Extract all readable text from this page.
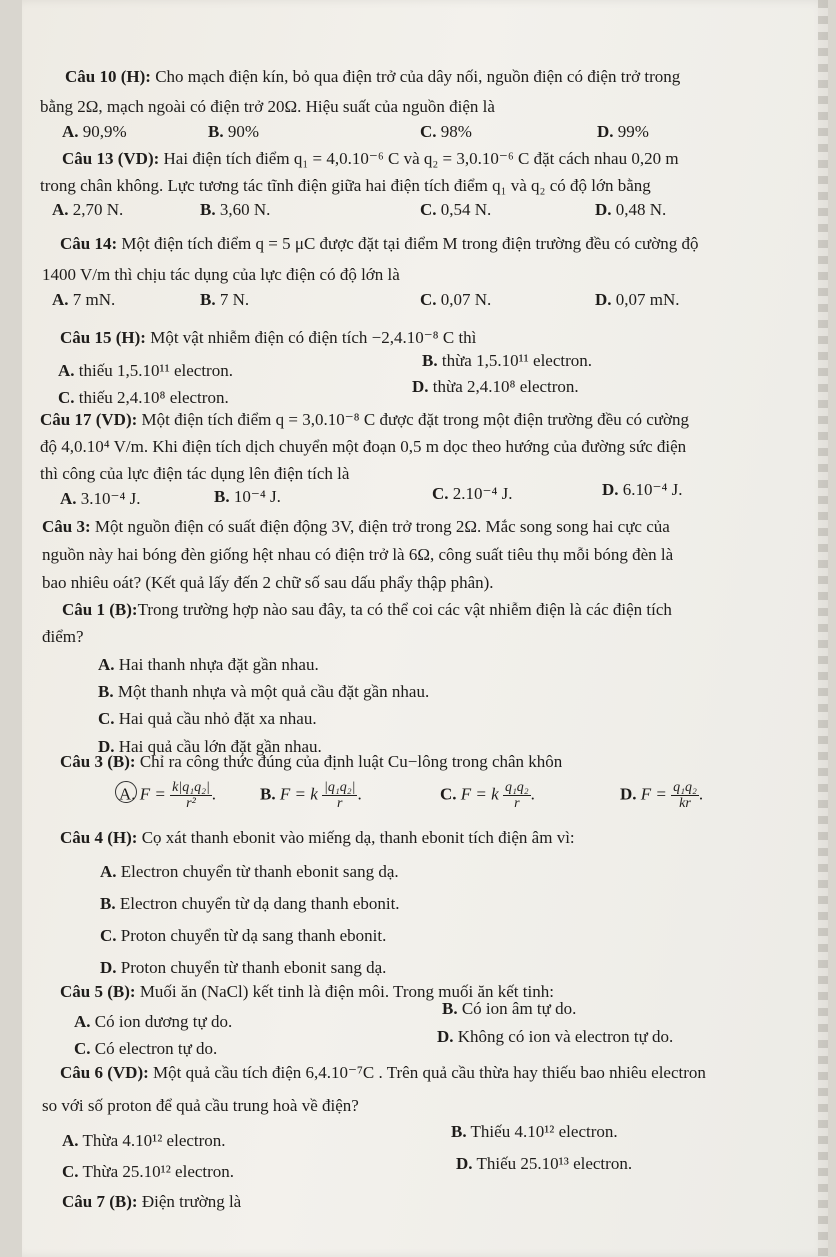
Câu 10 (H): Cho mạch điện kín, bỏ qua điện trở của dây nối, nguồn điện có điện trở trong
bằng 2Ω, mạch ngoài có điện trở 20Ω. Hiệu suất của nguồn điện là
A. 90,9%	B. 90%	C. 98%	D. 99%
Câu 13 (VD): Hai điện tích điểm q₁ = 4,0.10⁻⁶ C và q₂ = 3,0.10⁻⁶ C đặt cách nhau 0,20 m
trong chân không. Lực tương tác tĩnh điện giữa hai điện tích điểm q₁ và q₂ có độ lớn bằng
A. 2,70 N.	B. 3,60 N.	C. 0,54 N.	D. 0,48 N.
Câu 14: Một điện tích điểm q = 5 μC được đặt tại điểm M trong điện trường đều có cường độ
1400 V/m thì chịu tác dụng của lực điện có độ lớn là
A. 7 mN.	B. 7 N.	C. 0,07 N.	D. 0,07 mN.
Câu 15 (H): Một vật nhiễm điện có điện tích −2,4.10⁻⁸ C thì
A. thiếu 1,5.10¹¹ electron.
B. thừa 1,5.10¹¹ electron.
C. thiếu 2,4.10⁸ electron.
D. thừa 2,4.10⁸ electron.
Câu 17 (VD): Một điện tích điểm q = 3,0.10⁻⁸ C được đặt trong một điện trường đều có cường
độ 4,0.10⁴ V/m. Khi điện tích dịch chuyển một đoạn 0,5 m dọc theo hướng của đường sức điện
thì công của lực điện tác dụng lên điện tích là
A. 3.10⁻⁴ J.	B. 10⁻⁴ J.	C. 2.10⁻⁴ J.	D. 6.10⁻⁴ J.
Câu 3: Một nguồn điện có suất điện động 3V, điện trở trong 2Ω. Mắc song song hai cực của
nguồn này hai bóng đèn giống hệt nhau có điện trở là 6Ω, công suất tiêu thụ mỗi bóng đèn là
bao nhiêu oát? (Kết quả lấy đến 2 chữ số sau dấu phẩy thập phân).
Câu 1 (B):Trong trường hợp nào sau đây, ta có thể coi các vật nhiễm điện là các điện tích
điểm?
A. Hai thanh nhựa đặt gần nhau.
B. Một thanh nhựa và một quả cầu đặt gần nhau.
C. Hai quả cầu nhỏ đặt xa nhau.
D. Hai quả cầu lớn đặt gần nhau.
Câu 3 (B): Chỉ ra công thức đúng của định luật Cu−lông trong chân khôn
A. $F = \frac{\text{k|q₁q₂|}}{\text{r²}}$ .	B. F = k $\frac{\text{|q₁q₂|}}{r}$ .	C. F = k $\frac{\text{q₁q₂}}{r}$ .	D. $F = \frac{\text{q₁q₂}}{kr}$ .
Câu 4 (H): Cọ xát thanh ebonit vào miếng dạ, thanh ebonit tích điện âm vì:
A. Electron chuyển từ thanh ebonit sang dạ.
B. Electron chuyển từ dạ dang thanh ebonit.
C. Proton chuyển từ dạ sang thanh ebonit.
D. Proton chuyển từ thanh ebonit sang dạ.
Câu 5 (B): Muối ăn (NaCl) kết tinh là điện môi. Trong muối ăn kết tinh:
A. Có ion dương tự do.
B. Có ion âm tự do.
C. Có electron tự do.
D. Không có ion và electron tự do.
Câu 6 (VD): Một quả cầu tích điện 6,4.10⁻⁷C . Trên quả cầu thừa hay thiếu bao nhiêu electron
so với số proton để quả cầu trung hoà về điện?
A. Thừa 4.10¹² electron.	B. Thiếu 4.10¹² electron.
C. Thừa 25.10¹² electron.	D. Thiếu 25.10¹³ electron.
Câu 7 (B): Điện trường là
